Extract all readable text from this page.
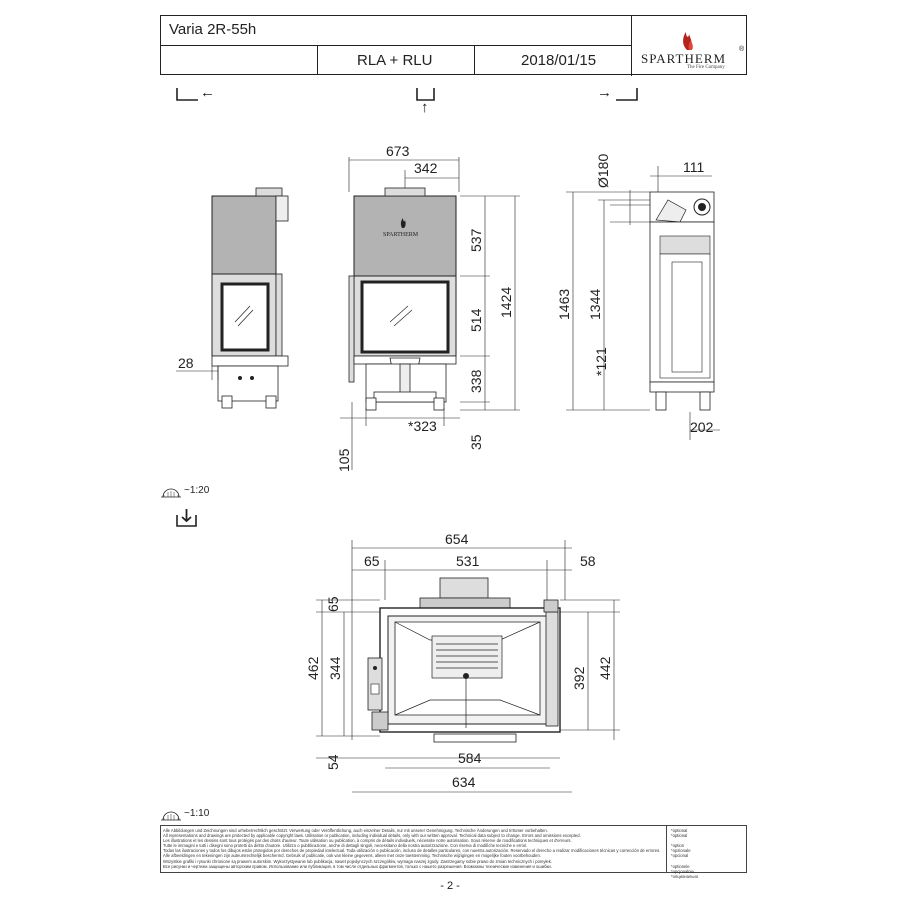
Varia 2R-55h
RLA + RLU	2018/01/15	SPARTHERM
®
The Fire Company
←
↑
→
28
SPARTHERM
673
342
537
514
338
35
1424
*323
105
Ø180	111
1463 1344
*121
202
~1:20
654
65	531	58
65
462 344	392 442
54	584
634
~1:10
Alle Abbildungen und Zeichnungen sind urheberrechtlich geschützt. Verwertung oder Veröffentlichung, auch einzelner Details, nur mit unserer Genehmigung. Technische Änderungen und Irrtümer vorbehalten.
All representations and drawings are protected by applicable copyright laws. Utilisation or publication, including individual details, only with our written approval. Technical data subject to change. Errors and omissions excepted.
Les illustrations et les dessins sont tous protégés par des droits d'auteur. Toute utilisation ou publication, à compris de détails individuels, nécessite notre autorisation. Sous réserve de modifications techniques et d'erreurs.
Tutte le immagini e tutti i disegni sono protetti da diritto d'autore. Utilizzo o pubblicazione, anche di dettagli singoli, necessitano della nostra autorizzazione. Con riserva di modifiche tecniche e errori.
Todas las ilustraciones y todos los dibujos están protegidos por derechos de propiedad intelectual. Toda utilización o publicación, incluso de detalles particulares, con nuestra autorización. Reservado el derecho a realizar modificaciones técnicas y corrección de errores.
Alle afbeeldingen en tekeningen zijn auteursrechtelijk beschermd. Gebruik of publicatie, ook van kleine gegevens, alleen met onze toestemming. Technische wijzigingen en mogelijke fouten voorbehouden.
Wszystkie grafiki i rysunki chronione są prawem autorskim. Wykorzystywanie lub publikacja, nawet pojedynczych szczegółów, wymaga naszej zgody. Zastrzegamy sobie prawo do zmian technicznych i pomyłek.
Все рисунки и чертежи защищены авторским правом. Использование или публикация, в том числе отдельных фрагментов, только с нашего разрешения. Возможны технические изменения и ошибки.
*optional
*optional

*option
*opzionale
*opcional

*optionele
*opcjonalnie
*опционально
- 2 -
